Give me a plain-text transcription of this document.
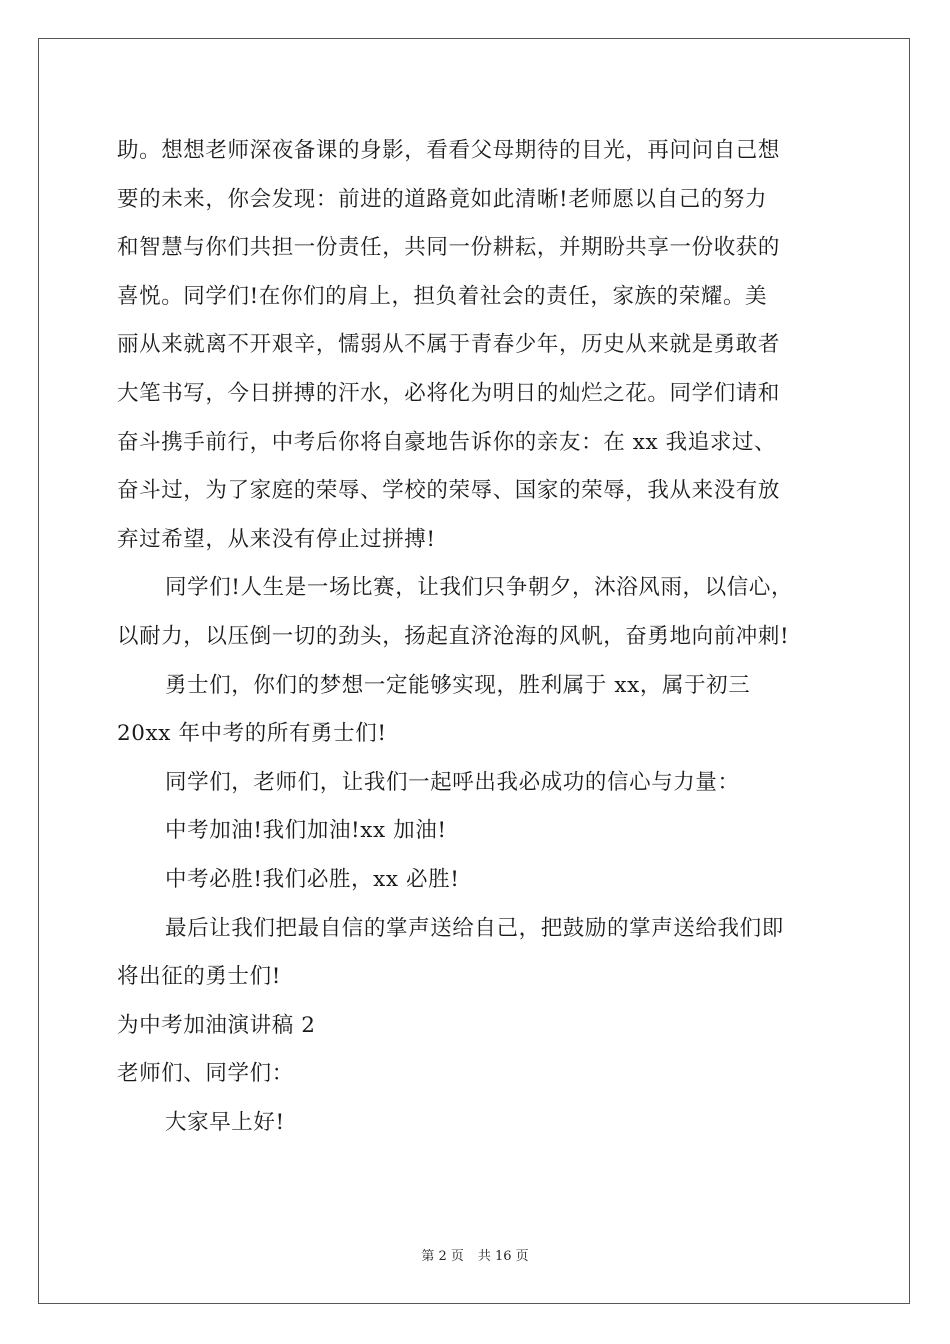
助。想想老师深夜备课的身影，看看父母期待的目光，再问问自己想
要的未来，你会发现：前进的道路竟如此清晰!老师愿以自己的努力
和智慧与你们共担一份责任，共同一份耕耘，并期盼共享一份收获的
喜悦。同学们!在你们的肩上，担负着社会的责任，家族的荣耀。美
丽从来就离不开艰辛，懦弱从不属于青春少年，历史从来就是勇敢者
大笔书写，今日拼搏的汗水，必将化为明日的灿烂之花。同学们请和
奋斗携手前行，中考后你将自豪地告诉你的亲友：在 xx 我追求过、
奋斗过，为了家庭的荣辱、学校的荣辱、国家的荣辱，我从来没有放
弃过希望，从来没有停止过拼搏!
同学们!人生是一场比赛，让我们只争朝夕，沐浴风雨，以信心，
以耐力，以压倒一切的劲头，扬起直济沧海的风帆，奋勇地向前冲刺!
勇士们，你们的梦想一定能够实现，胜利属于 xx，属于初三
20xx 年中考的所有勇士们!
同学们，老师们，让我们一起呼出我必成功的信心与力量：
中考加油!我们加油!xx 加油!
中考必胜!我们必胜，xx 必胜!
最后让我们把最自信的掌声送给自己，把鼓励的掌声送给我们即
将出征的勇士们!
为中考加油演讲稿 2
老师们、同学们：
大家早上好!
第 2 页 共 16 页
